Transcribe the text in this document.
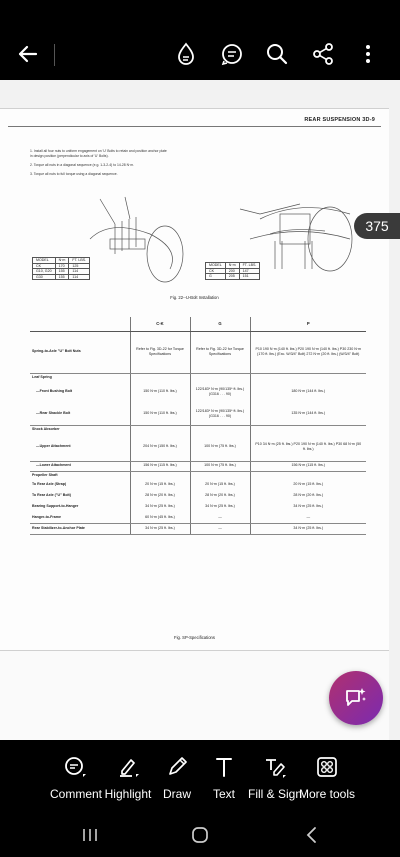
REAR SUSPENSION 3D-9

1. Install all four nuts to uniform engagement on 'U' Bolts to retain and position anchor plate in design position (perpendicular to axis of 'U' Bolts).

2. Torque all nuts in a diagonal sequence (e.g. 1-3-2-4) to 14-28 N·m.

3. Torque all nuts to full torque using a diagonal sequence.

MODEL	N·m	FT. LBS.
CK	170	125
G10, G20	155	114
G30	155	114
MODEL	N·m	FT. LBS.
CK	200	147
G	205	151
Fig. 22--U-Bolt Installation
	C-K	G	P
Spring-to-Axle "U" Bolt Nuts	Refer to Fig. 3D-22 for Torque Specifications	Refer to Fig. 3D-22 for Torque Specifications	P10 190 N·m (140 ft. lbs.) P20 190 N·m (140 ft. lbs.) P30 230 N·m (170 ft. lbs.) (Exc. W/3/4" Bolt) 272 N·m (20 ft. lbs.) (W/3/4" Bolt)
Leaf Spring			
—Front Bushing Bolt	150 N·m (110 ft. lbs.)	122/183* N·m (90/135* ft. lbs.) (G316 . . . 90)	180 N·m (144 ft. lbs.)
—Rear Shackle Bolt	150 N·m (110 ft. lbs.)	122/183* N·m (90/135* ft. lbs.) (G316 . . . 90)	135 N·m (144 ft. lbs.)
Shock Absorber			
—Upper Attachment	204 N·m (150 ft. lbs.)	100 N·m (75 ft. lbs.)	P10 34 N·m (25 ft. lbs.) P20 190 N·m (140 ft. lbs.) P30 68 N·m (50 ft. lbs.)
—Lower Attachment	156 N·m (115 ft. lbs.)	100 N·m (75 ft. lbs.)	156 N·m (115 ft. lbs.)
Propeller Shaft			
To Rear Axle (Strap)	20 N·m (15 ft. lbs.)	20 N·m (15 ft. lbs.)	20 N·m (15 ft. lbs.)
To Rear Axle ("U" Bolt)	28 N·m (20 ft. lbs.)	28 N·m (20 ft. lbs.)	28 N·m (20 ft. lbs.)
Bearing Support-to-Hanger	34 N·m (25 ft. lbs.)	34 N·m (25 ft. lbs.)	34 N·m (25 ft. lbs.)
Hanger-to-Frame	60 N·m (45 ft. lbs.)	—	—
Rear Stabilizer-to-Anchor Plate	34 N·m (25 ft. lbs.)	—	34 N·m (25 ft. lbs.)
Fig. SP-Specifications
375
Comment Highlight Draw	Text	Fill & Sign
More tools
